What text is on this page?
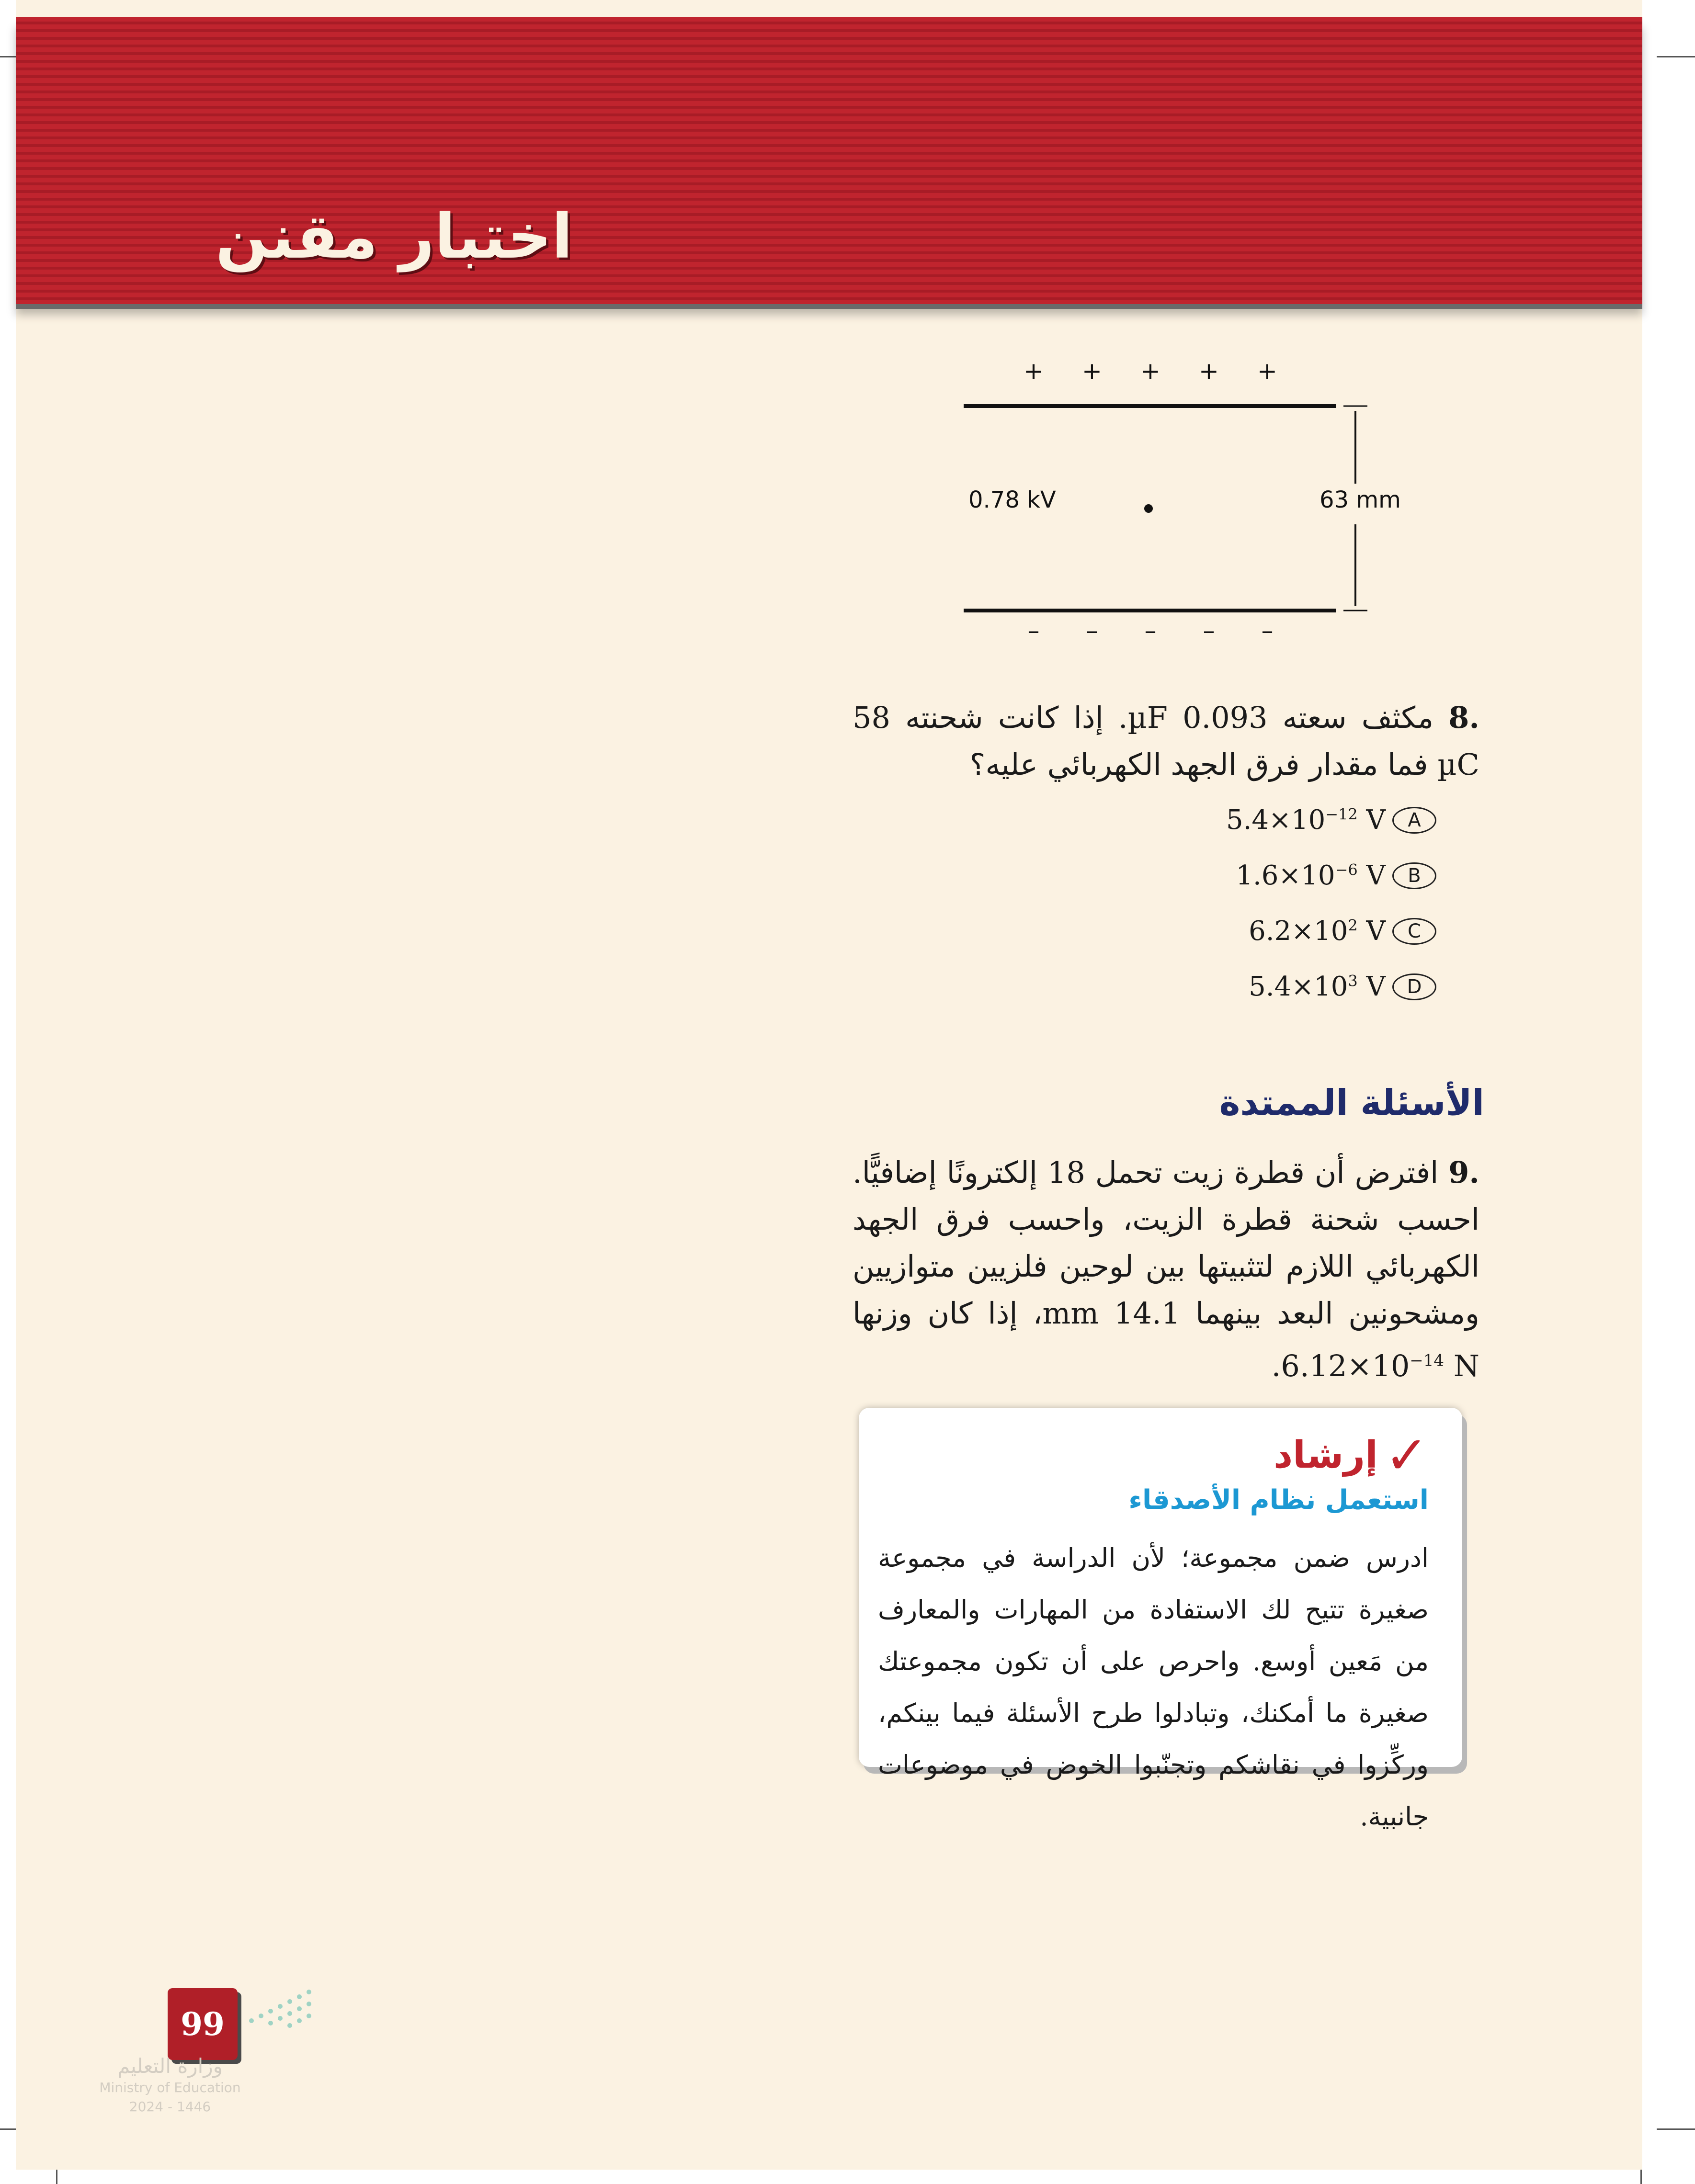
اختبار مقنن
+ + + + +
– – – – –
0.78 kV	63 mm
.8 مكثف سعته 0.093 µF. إذا كانت شحنته 58 µC فما مقدار فرق الجهد الكهربائي عليه؟
$5.4\times 10^{-12}$ V	A
$1.6\times 10^{-6}$ V	B
$6.2\times 10^2$ V	C
$5.4\times 10^3$ V	D
الأسئلة الممتدة
.9 افترض أن قطرة زيت تحمل 18 إلكترونًا إضافيًّا. احسب شحنة قطرة الزيت، واحسب فرق الجهد الكهربائي اللازم لتثبيتها بين لوحين فلزيين متوازيين ومشحونين البعد بينهما 14.1 mm، إذا كان وزنها $6.12\times 10^{-14}$ N.
✓
إرشاد
استعمل نظام الأصدقاء
ادرس ضمن مجموعة؛ لأن الدراسة في مجموعة صغيرة تتيح لك الاستفادة من المهارات والمعارف من مَعين أوسع. واحرص على أن تكون مجموعتك صغيرة ما أمكنك، وتبادلوا طرح الأسئلة فيما بينكم، وركِّزوا في نقاشكم وتجنّبوا الخوض في موضوعات جانبية.
99
وزارة التعليم
Ministry of Education
2024 - 1446
